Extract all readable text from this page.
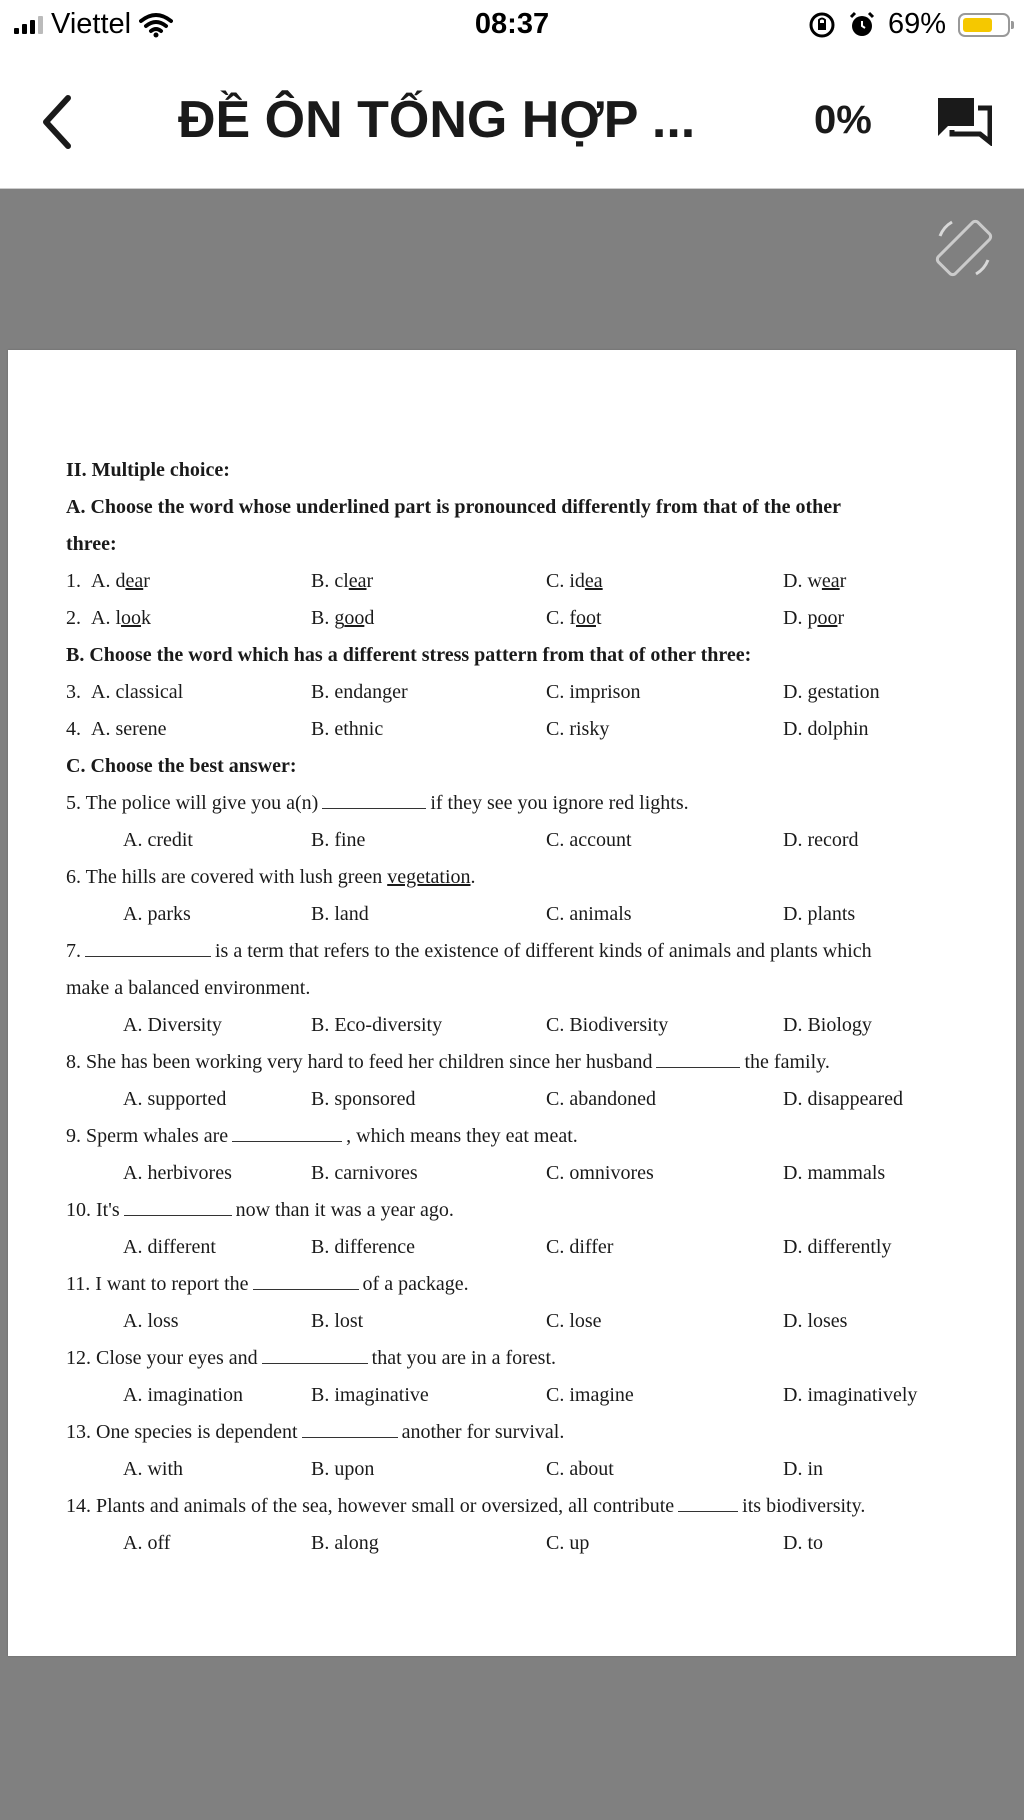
Viettel	08:37	69%
ĐỀ ÔN TỐNG HỢP ...	0%
II. Multiple choice:
A. Choose the word whose underlined part is pronounced differently from that of the other
three:
1. A. dear	B. clear	C. idea	D. wear
2. A. look	B. good	C. foot	D. poor
B. Choose the word which has a different stress pattern from that of other three:
3. A. classical	B. endanger	C. imprison	D. gestation
4. A. serene	B. ethnic	C. risky	D. dolphin
C. Choose the best answer:
5. The police will give you a(n)	if they see you ignore red lights.
A. credit	B. fine	C. account	D. record
6. The hills are covered with lush green vegetation.
A. parks	B. land	C. animals	D. plants
7.	is a term that refers to the existence of different kinds of animals and plants which
make a balanced environment.
A. Diversity	B. Eco-diversity	C. Biodiversity	D. Biology
8. She has been working very hard to feed her children since her husband	the family.
A. supported	B. sponsored	C. abandoned	D. disappeared
9. Sperm whales are	, which means they eat meat.
A. herbivores	B. carnivores	C. omnivores	D. mammals
10. It's	now than it was a year ago.
A. different	B. difference	C. differ	D. differently
11. I want to report the	of a package.
A. loss	B. lost	C. lose	D. loses
12. Close your eyes and	that you are in a forest.
A. imagination	B. imaginative	C. imagine	D. imaginatively
13. One species is dependent	another for survival.
A. with	B. upon	C. about	D. in
14. Plants and animals of the sea, however small or oversized, all contribute	its biodiversity.
A. off	B. along	C. up	D. to
